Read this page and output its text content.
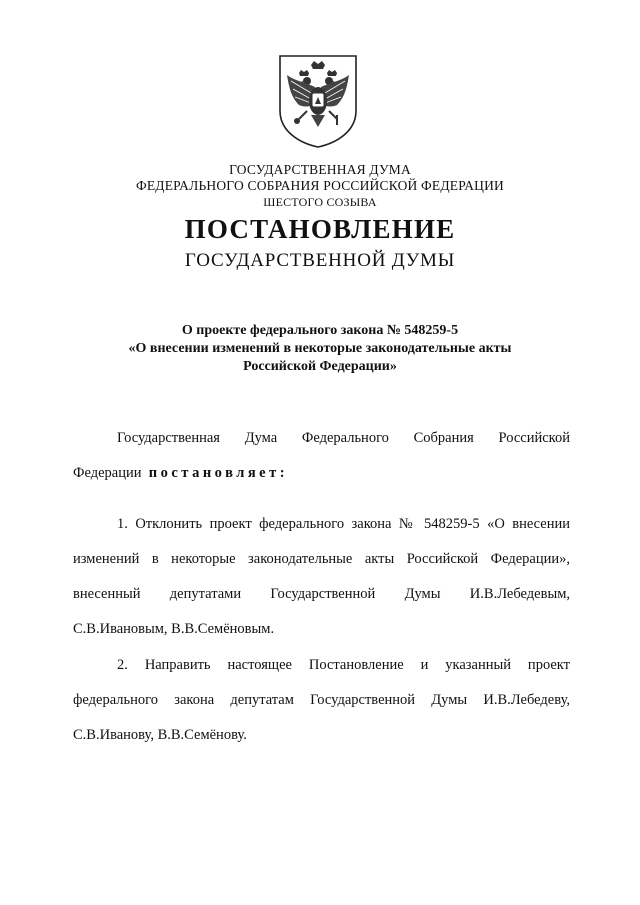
ГОСУДАРСТВЕННАЯ ДУМА
ФЕДЕРАЛЬНОГО СОБРАНИЯ РОССИЙСКОЙ ФЕДЕРАЦИИ
ШЕСТОГО СОЗЫВА
ПОСТАНОВЛЕНИЕ
ГОСУДАРСТВЕННОЙ ДУМЫ
О проекте федерального закона № 548259-5
«О внесении изменений в некоторые законодательные акты
Российской Федерации»
Государственная Дума Федерального Собрания Российской
Федерации постановляет:
1. Отклонить проект федерального закона № 548259-5 «О внесении
изменений в некоторые законодательные акты Российской Федерации»,
внесенный депутатами Государственной Думы И.В.Лебедевым,
С.В.Ивановым, В.В.Семёновым.
2. Направить настоящее Постановление и указанный проект
федерального закона депутатам Государственной Думы И.В.Лебедеву,
С.В.Иванову, В.В.Семёнову.
